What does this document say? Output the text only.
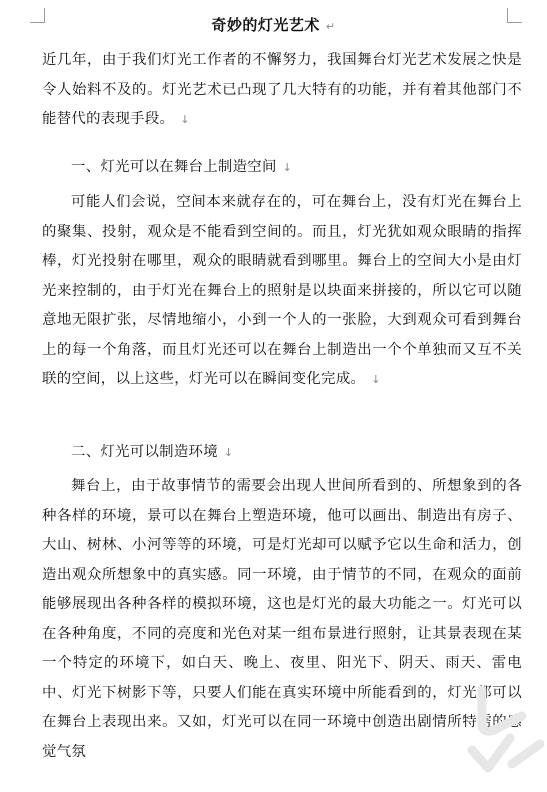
奇妙的灯光艺术 ↵

近几年，由于我们灯光工作者的不懈努力，我国舞台灯光艺术发展之快是令人始料不及的。灯光艺术已凸现了几大特有的功能，并有着其他部门不能替代的表现手段。 ↓

一、灯光可以在舞台上制造空间 ↓

可能人们会说，空间本来就存在的，可在舞台上，没有灯光在舞台上的聚集、投射，观众是不能看到空间的。而且，灯光犹如观众眼睛的指挥棒，灯光投射在哪里，观众的眼睛就看到哪里。舞台上的空间大小是由灯光来控制的，由于灯光在舞台上的照射是以块面来拼接的，所以它可以随意地无限扩张，尽情地缩小，小到一个人的一张脸，大到观众可看到舞台上的每一个角落，而且灯光还可以在舞台上制造出一个个单独而又互不关联的空间，以上这些，灯光可以在瞬间变化完成。 ↓

二、灯光可以制造环境 ↓

舞台上，由于故事情节的需要会出现人世间所看到的、所想象到的各种各样的环境，景可以在舞台上塑造环境，他可以画出、制造出有房子、大山、树林、小河等等的环境，可是灯光却可以赋予它以生命和活力，创造出观众所想象中的真实感。同一环境，由于情节的不同，在观众的面前能够展现出各种各样的模拟环境，这也是灯光的最大功能之一。灯光可以在各种角度，不同的亮度和光色对某一组布景进行照射，让其景表现在某一个特定的环境下，如白天、晚上、夜里、阳光下、阴天、雨天、雷电中、灯光下树影下等，只要人们能在真实环境中所能看到的，灯光都可以在舞台上表现出来。又如，灯光可以在同一环境中创造出剧情所特需的感觉气氛
